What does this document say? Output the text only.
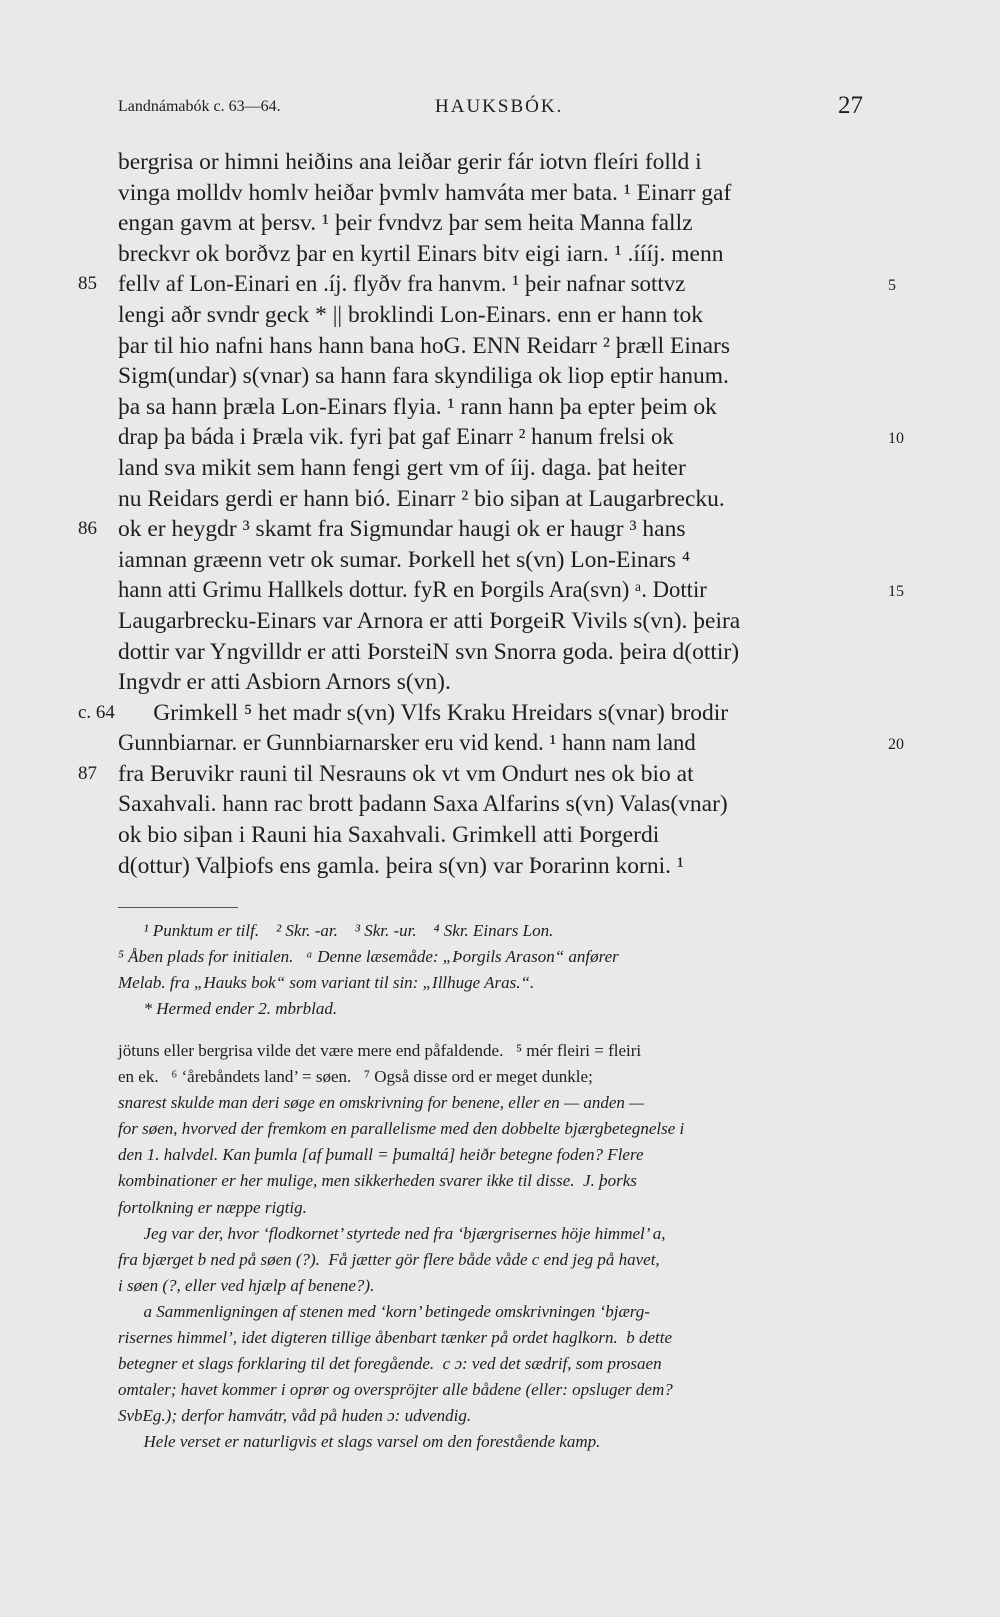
Landnámabók c. 63—64.	HAUKSBÓK.	27
bergrisa or himni heiðins ana leiðar gerir fár iotvn fleíri folld i
vinga molldv homlv heiðar þvmlv hamváta mer bata. ¹ Einarr gaf
engan gavm at þersv. ¹ þeir fvndvz þar sem heita Manna fallz
breckvr ok borðvz þar en kyrtil Einars bitv eigi iarn. ¹ .íííj. menn
85 fellv af Lon-Einari en .íj. flyðv fra hanvm. ¹ þeir nafnar sottvz	5
lengi aðr svndr geck * || broklindi Lon-Einars. enn er hann tok
þar til hio nafni hans hann bana hoG. ENN Reidarr ² þræll Einars
Sigm(undar) s(vnar) sa hann fara skyndiliga ok liop eptir hanum.
þa sa hann þræla Lon-Einars flyia. ¹ rann hann þa epter þeim ok
drap þa báda i Þræla vik. fyri þat gaf Einarr ² hanum frelsi ok	10
land sva mikit sem hann fengi gert vm of íij. daga. þat heiter
nu Reidars gerdi er hann bió. Einarr ² bio siþan at Laugarbrecku.
86 ok er heygdr ³ skamt fra Sigmundar haugi ok er haugr ³ hans
iamnan græenn vetr ok sumar. Þorkell het s(vn) Lon-Einars ⁴
hann atti Grimu Hallkels dottur. fyR en Þorgils Ara(svn) ᵃ. Dottir	15
Laugarbrecku-Einars var Arnora er atti ÞorgeiR Vivils s(vn). þeira
dottir var Yngvilldr er atti ÞorsteiN svn Snorra goda. þeira d(ottir)
Ingvdr er atti Asbiorn Arnors s(vn).
c. 64 Grimkell ⁵ het madr s(vn) Vlfs Kraku Hreidars s(vnar) brodir
Gunnbiarnar. er Gunnbiarnarsker eru vid kend. ¹ hann nam land	20
87 fra Beruvikr rauni til Nesrauns ok vt vm Ondurt nes ok bio at
Saxahvali. hann rac brott þadann Saxa Alfarins s(vn) Valas(vnar)
ok bio siþan i Rauni hia Saxahvali. Grimkell atti Þorgerdi
d(ottur) Valþiofs ens gamla. þeira s(vn) var Þorarinn korni. ¹
¹ Punktum er tilf.    ² Skr. -ar.    ³ Skr. -ur.    ⁴ Skr. Einars Lon.
⁵ Åben plads for initialen.   ᵃ Denne læsemåde: „Þorgils Arason“ anfører
Melab. fra „Hauks bok“ som variant til sin: „Illhuge Aras.“.
* Hermed ender 2. mbrblad.
jötuns eller bergrisa vilde det være mere end påfaldende.   ⁵ mér fleiri = fleiri
en ek.   ⁶ ‘årebåndets land’ = søen.   ⁷ Også disse ord er meget dunkle;
snarest skulde man deri søge en omskrivning for benene, eller en — anden —
for søen, hvorved der fremkom en parallelisme med den dobbelte bjærgbetegnelse i
den 1. halvdel. Kan þumla [af þumall = þumaltá] heiðr betegne foden? Flere
kombinationer er her mulige, men sikkerheden svarer ikke til disse.  J. þorks
fortolkning er næppe rigtig.
Jeg var der, hvor ‘flodkornet’ styrtede ned fra ‘bjærgrisernes höje himmel’ a,
fra bjærget b ned på søen (?).  Få jætter gör flere både våde c end jeg på havet,
i søen (?, eller ved hjælp af benene?).
a Sammenligningen af stenen med ‘korn’ betingede omskrivningen ‘bjærg-
risernes himmel’, idet digteren tillige åbenbart tænker på ordet haglkorn.  b dette
betegner et slags forklaring til det foregående.  c ɔ: ved det sædrif, som prosaen
omtaler; havet kommer i oprør og overspröjter alle bådene (eller: opsluger dem?
SvbEg.); derfor hamvátr, våd på huden ɔ: udvendig.
Hele verset er naturligvis et slags varsel om den forestående kamp.
